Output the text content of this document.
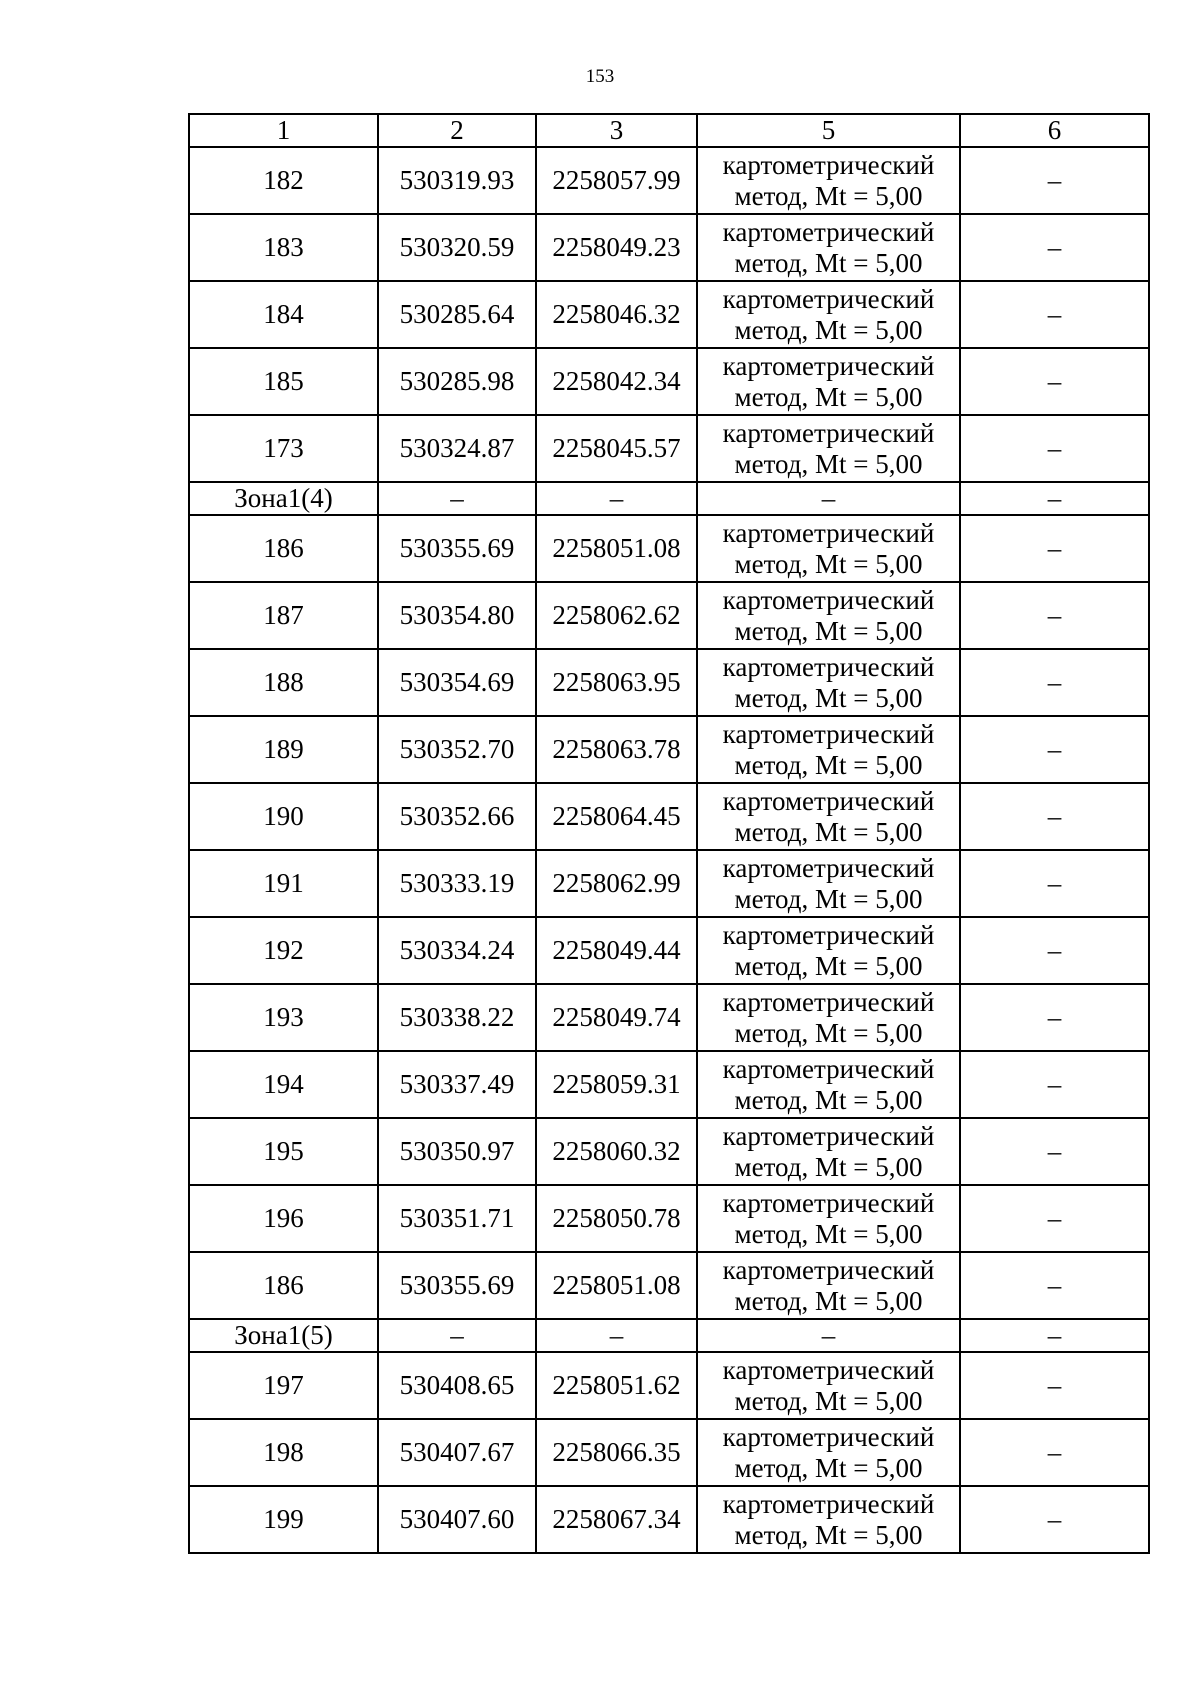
153
1	2	3	5	6
182	530319.93	2258057.99	картометрический метод, Mt = 5,00	–
183	530320.59	2258049.23	картометрический метод, Mt = 5,00	–
184	530285.64	2258046.32	картометрический метод, Mt = 5,00	–
185	530285.98	2258042.34	картометрический метод, Mt = 5,00	–
173	530324.87	2258045.57	картометрический метод, Mt = 5,00	–
Зона1(4)	–	–	–	–
186	530355.69	2258051.08	картометрический метод, Mt = 5,00	–
187	530354.80	2258062.62	картометрический метод, Mt = 5,00	–
188	530354.69	2258063.95	картометрический метод, Mt = 5,00	–
189	530352.70	2258063.78	картометрический метод, Mt = 5,00	–
190	530352.66	2258064.45	картометрический метод, Mt = 5,00	–
191	530333.19	2258062.99	картометрический метод, Mt = 5,00	–
192	530334.24	2258049.44	картометрический метод, Mt = 5,00	–
193	530338.22	2258049.74	картометрический метод, Mt = 5,00	–
194	530337.49	2258059.31	картометрический метод, Mt = 5,00	–
195	530350.97	2258060.32	картометрический метод, Mt = 5,00	–
196	530351.71	2258050.78	картометрический метод, Mt = 5,00	–
186	530355.69	2258051.08	картометрический метод, Mt = 5,00	–
Зона1(5)	–	–	–	–
197	530408.65	2258051.62	картометрический метод, Mt = 5,00	–
198	530407.67	2258066.35	картометрический метод, Mt = 5,00	–
199	530407.60	2258067.34	картометрический метод, Mt = 5,00	–
